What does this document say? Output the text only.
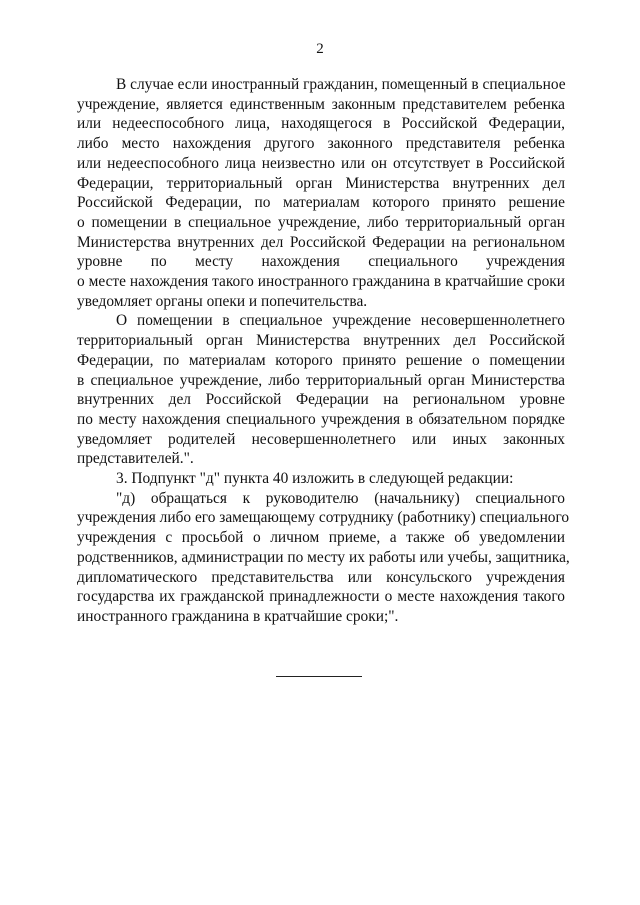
2

В случае если иностранный гражданин, помещенный в специальное
учреждение, является единственным законным представителем ребенка
или недееспособного лица, находящегося в Российской Федерации,
либо место нахождения другого законного представителя ребенка
или недееспособного лица неизвестно или он отсутствует в Российской
Федерации, территориальный орган Министерства внутренних дел
Российской Федерации, по материалам которого принято решение
о помещении в специальное учреждение, либо территориальный орган
Министерства внутренних дел Российской Федерации на региональном
уровне по месту нахождения специального учреждения
о месте нахождения такого иностранного гражданина в кратчайшие сроки
уведомляет органы опеки и попечительства.

О помещении в специальное учреждение несовершеннолетнего
территориальный орган Министерства внутренних дел Российской
Федерации, по материалам которого принято решение о помещении
в специальное учреждение, либо территориальный орган Министерства
внутренних дел Российской Федерации на региональном уровне
по месту нахождения специального учреждения в обязательном порядке
уведомляет родителей несовершеннолетнего или иных законных
представителей.".

3. Подпункт "д" пункта 40 изложить в следующей редакции:

"д) обращаться к руководителю (начальнику) специального
учреждения либо его замещающему сотруднику (работнику) специального
учреждения с просьбой о личном приеме, а также об уведомлении
родственников, администрации по месту их работы или учебы, защитника,
дипломатического представительства или консульского учреждения
государства их гражданской принадлежности о месте нахождения такого
иностранного гражданина в кратчайшие сроки;".
